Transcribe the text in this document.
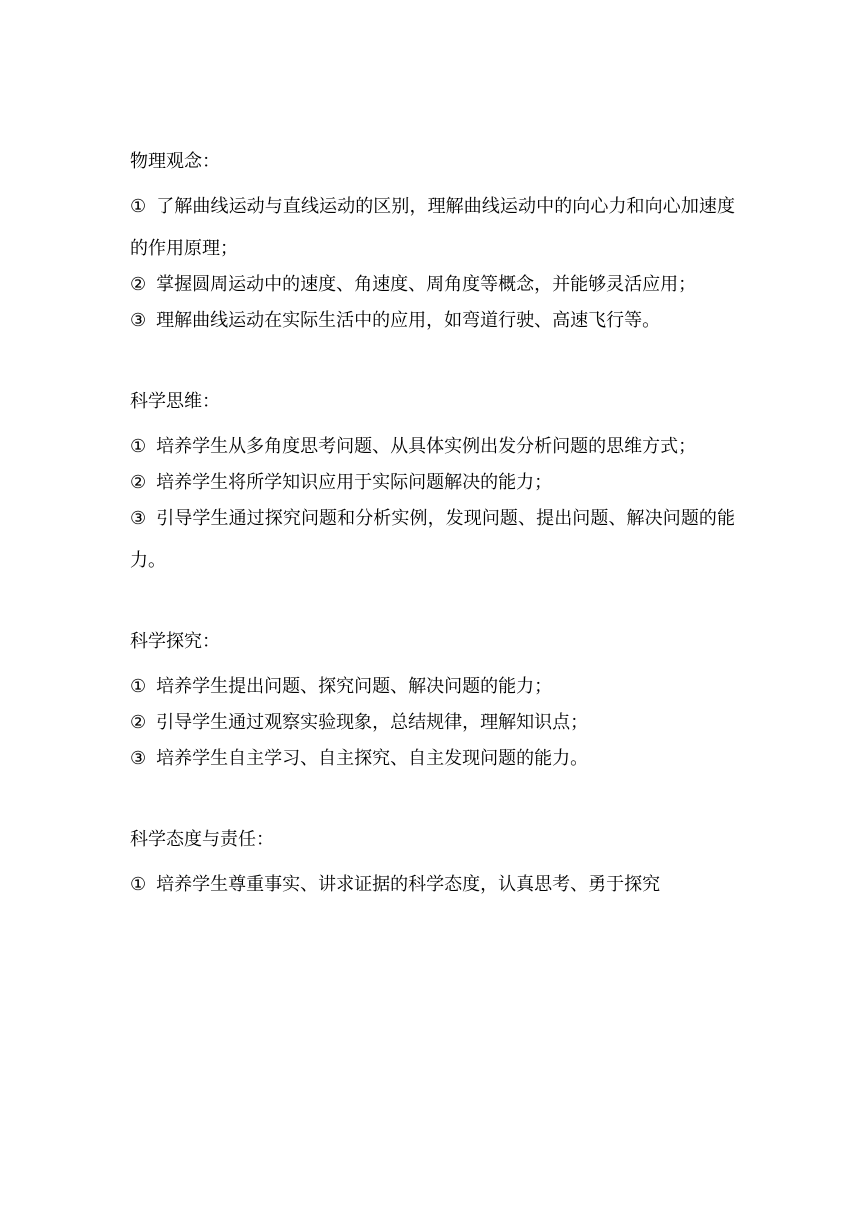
物理观念：
① 了解曲线运动与直线运动的区别，理解曲线运动中的向心力和向心加速度的作用原理；
② 掌握圆周运动中的速度、角速度、周角度等概念，并能够灵活应用；
③ 理解曲线运动在实际生活中的应用，如弯道行驶、高速飞行等。
科学思维：
① 培养学生从多角度思考问题、从具体实例出发分析问题的思维方式；
② 培养学生将所学知识应用于实际问题解决的能力；
③ 引导学生通过探究问题和分析实例，发现问题、提出问题、解决问题的能力。
科学探究：
① 培养学生提出问题、探究问题、解决问题的能力；
② 引导学生通过观察实验现象，总结规律，理解知识点；
③ 培养学生自主学习、自主探究、自主发现问题的能力。
科学态度与责任：
① 培养学生尊重事实、讲求证据的科学态度，认真思考、勇于探究
